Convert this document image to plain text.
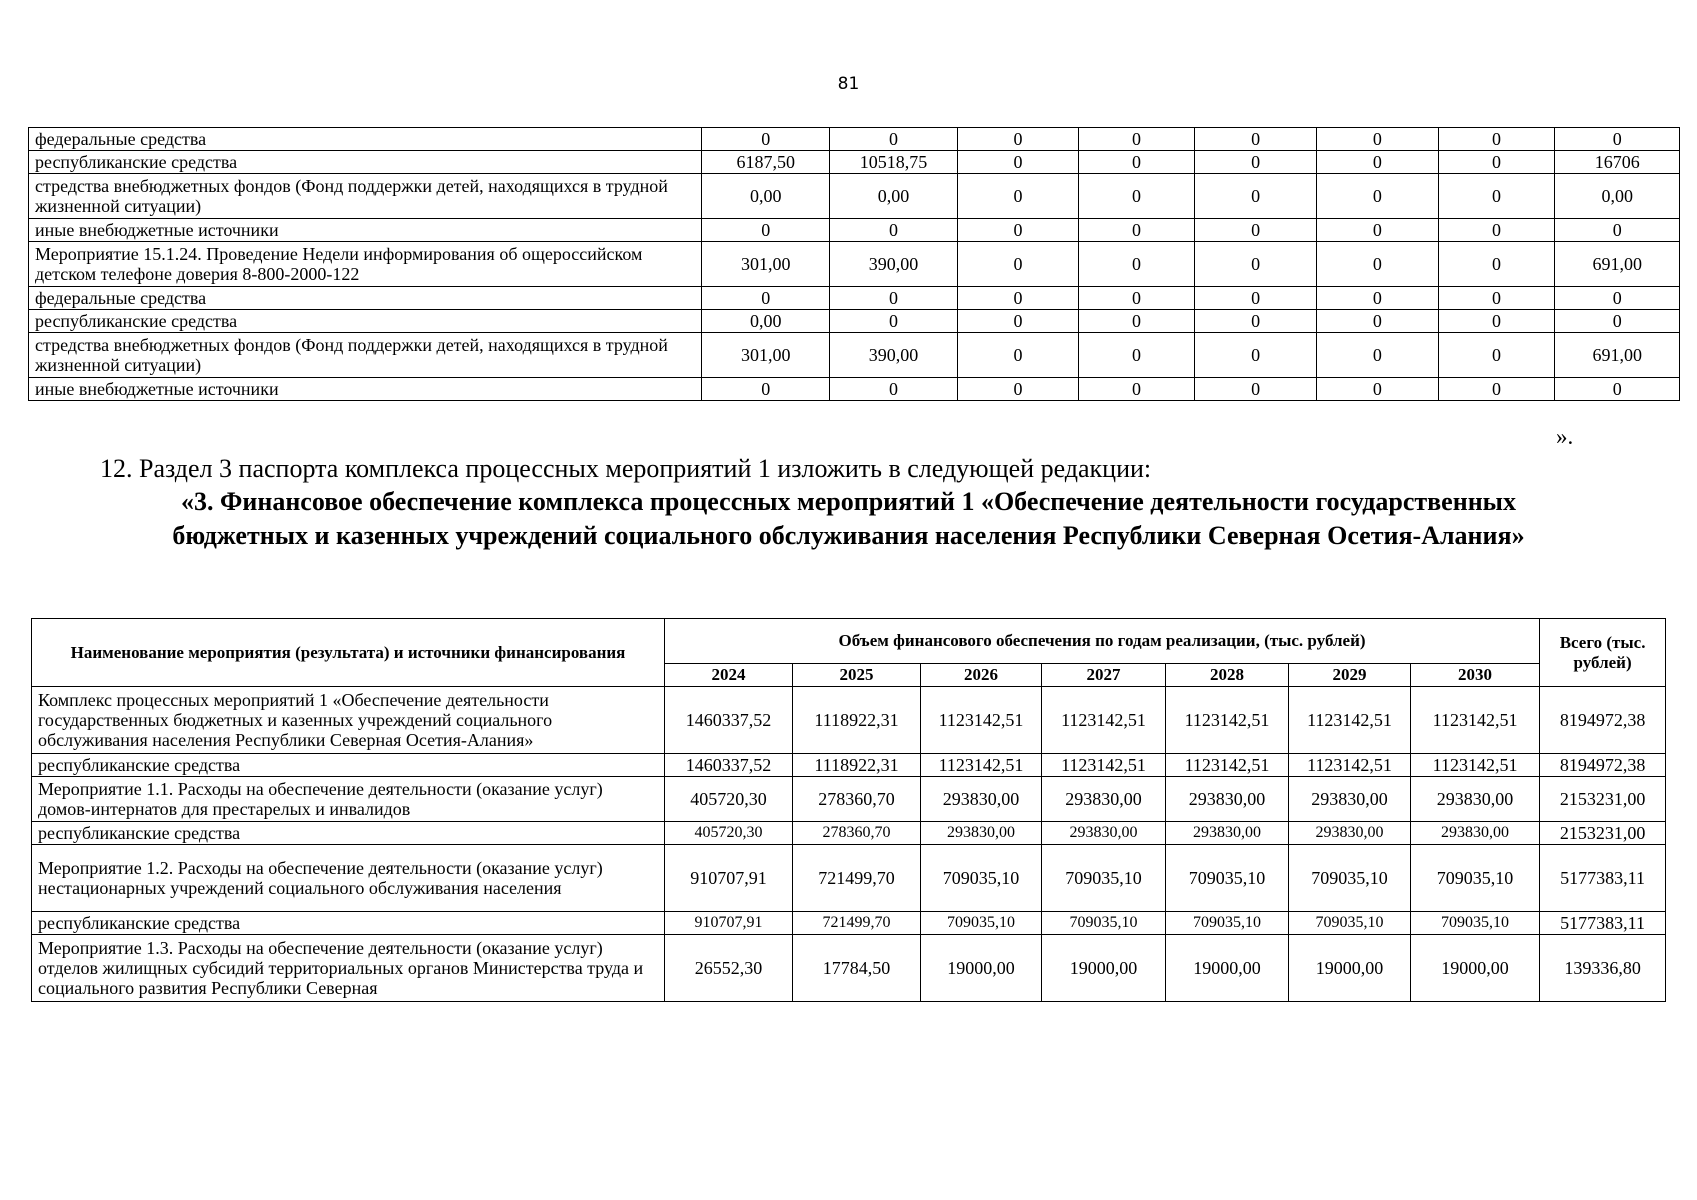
81
федеральные средства	0	0	0	0	0	0	0	0
республиканские средства	6187,50	10518,75	0	0	0	0	0	16706
стредства внебюджетных фондов (Фонд поддержки детей, находящихся в трудной жизненной ситуации)	0,00	0,00	0	0	0	0	0	0,00
иные внебюджетные источники	0	0	0	0	0	0	0	0
Мероприятие 15.1.24. Проведение Недели информирования об ощероссийском детском телефоне доверия 8-800-2000-122	301,00	390,00	0	0	0	0	0	691,00
федеральные средства	0	0	0	0	0	0	0	0
республиканские средства	0,00	0	0	0	0	0	0	0
стредства внебюджетных фондов (Фонд поддержки детей, находящихся в трудной жизненной ситуации)	301,00	390,00	0	0	0	0	0	691,00
иные внебюджетные источники	0	0	0	0	0	0	0	0
».
12. Раздел 3 паспорта комплекса процессных мероприятий 1 изложить в следующей редакции:
«3. Финансовое обеспечение комплекса процессных мероприятий 1 «Обеспечение деятельности государственных бюджетных и казенных учреждений социального обслуживания населения Республики Северная Осетия-Алания»
Наименование мероприятия (результата) и источники финансирования	Объем финансового обеспечения по годам реализации, (тыс. рублей)							Всего (тыс. рублей)
	2024	2025	2026	2027	2028	2029	2030	
Комплекс процессных мероприятий 1 «Обеспечение деятельности государственных бюджетных и казенных учреждений социального обслуживания населения Республики Северная Осетия-Алания»	1460337,52	1118922,31	1123142,51	1123142,51	1123142,51	1123142,51	1123142,51	8194972,38
республиканские средства	1460337,52	1118922,31	1123142,51	1123142,51	1123142,51	1123142,51	1123142,51	8194972,38
Мероприятие 1.1. Расходы на обеспечение деятельности (оказание услуг) домов-интернатов для престарелых и инвалидов	405720,30	278360,70	293830,00	293830,00	293830,00	293830,00	293830,00	2153231,00
республиканские средства	405720,30	278360,70	293830,00	293830,00	293830,00	293830,00	293830,00	2153231,00
Мероприятие 1.2. Расходы на обеспечение деятельности (оказание услуг) нестационарных учреждений социального обслуживания населения	910707,91	721499,70	709035,10	709035,10	709035,10	709035,10	709035,10	5177383,11
республиканские средства	910707,91	721499,70	709035,10	709035,10	709035,10	709035,10	709035,10	5177383,11
Мероприятие 1.3. Расходы на обеспечение деятельности (оказание услуг) отделов жилищных субсидий территориальных органов Министерства труда и социального развития Республики Северная	26552,30	17784,50	19000,00	19000,00	19000,00	19000,00	19000,00	139336,80
